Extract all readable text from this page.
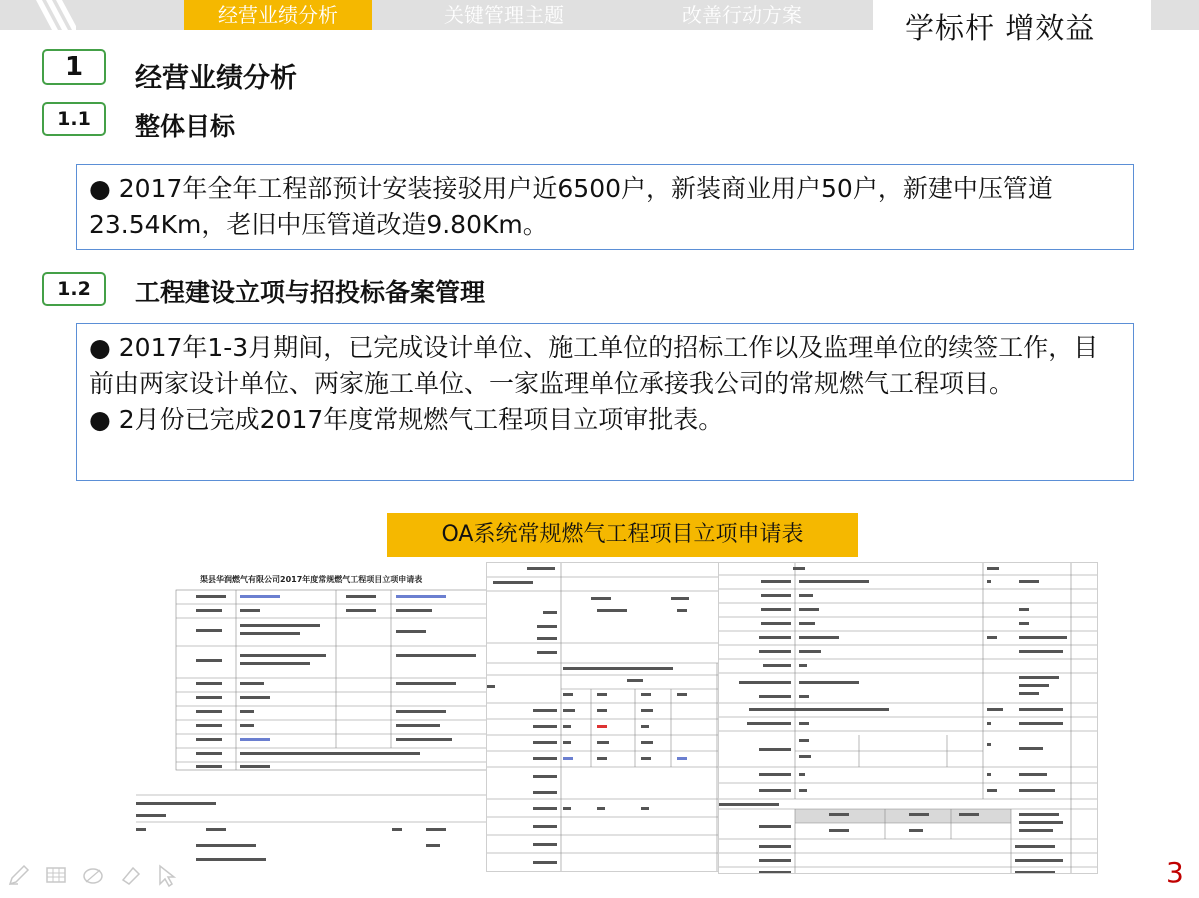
经营业绩分析	关键管理主题	改善行动方案	学标杆 增效益
1	经营业绩分析
1.1	整体目标

● 2017年全年工程部预计安装接驳用户近6500户，新装商业用户50户，新建中压管道23.54Km，老旧中压管道改造9.80Km。

1.2	工程建设立项与招投标备案管理

● 2017年1-3月期间，已完成设计单位、施工单位的招标工作以及监理单位的续签工作，目前由两家设计单位、两家施工单位、一家监理单位承接我公司的常规燃气工程项目。

● 2月份已完成2017年度常规燃气工程项目立项审批表。

OA系统常规燃气工程项目立项申请表
渠县华润燃气有限公司2017年度常规燃气工程项目立项申请表

3
